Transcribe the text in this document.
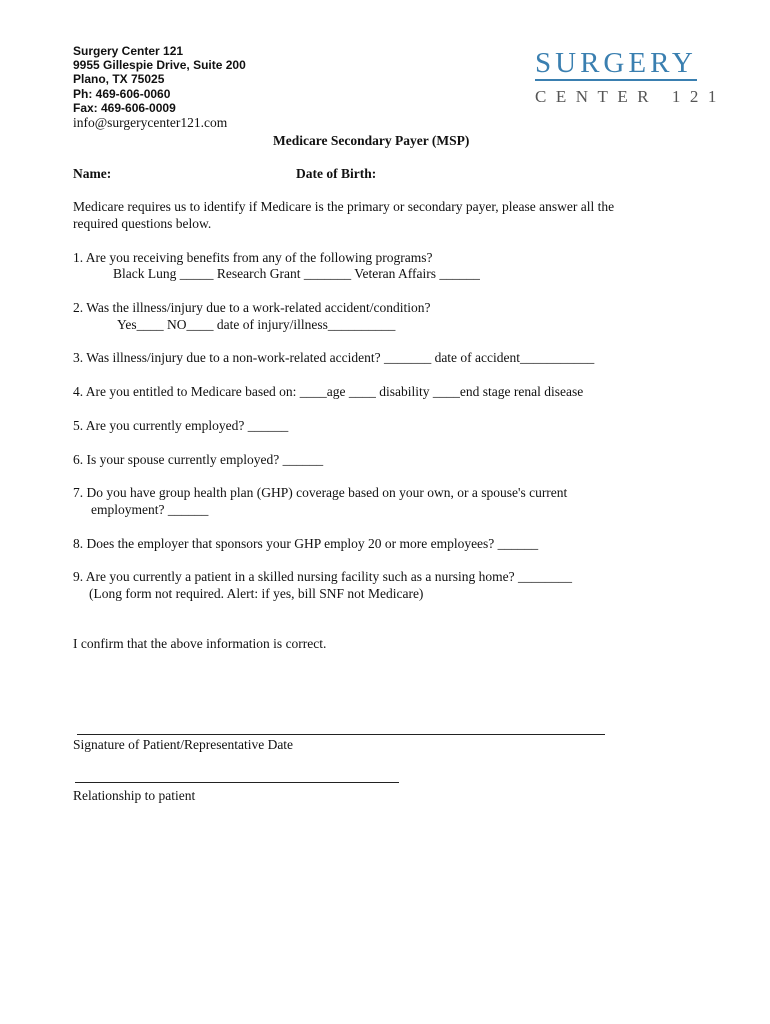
Surgery Center 121
9955 Gillespie Drive, Suite 200
Plano, TX 75025
Ph: 469-606-0060
Fax: 469-606-0009
info@surgerycenter121.com
SURGERY
CENTER 121
Medicare Secondary Payer (MSP)
Name:	Date of Birth:
Medicare requires us to identify if Medicare is the primary or secondary payer, please answer all the
required questions below.
1. Are you receiving benefits from any of the following programs?
Black Lung _____ Research Grant _______ Veteran Affairs ______
2. Was the illness/injury due to a work-related accident/condition?
Yes____ NO____ date of injury/illness__________
3. Was illness/injury due to a non-work-related accident? _______ date of accident___________
4. Are you entitled to Medicare based on: ____age ____ disability ____end stage renal disease
5. Are you currently employed? ______
6. Is your spouse currently employed? ______
7. Do you have group health plan (GHP) coverage based on your own, or a spouse's current
employment? ______
8. Does the employer that sponsors your GHP employ 20 or more employees? ______
9. Are you currently a patient in a skilled nursing facility such as a nursing home? ________
(Long form not required. Alert: if yes, bill SNF not Medicare)
I confirm that the above information is correct.
Signature of Patient/Representative Date
Relationship to patient
